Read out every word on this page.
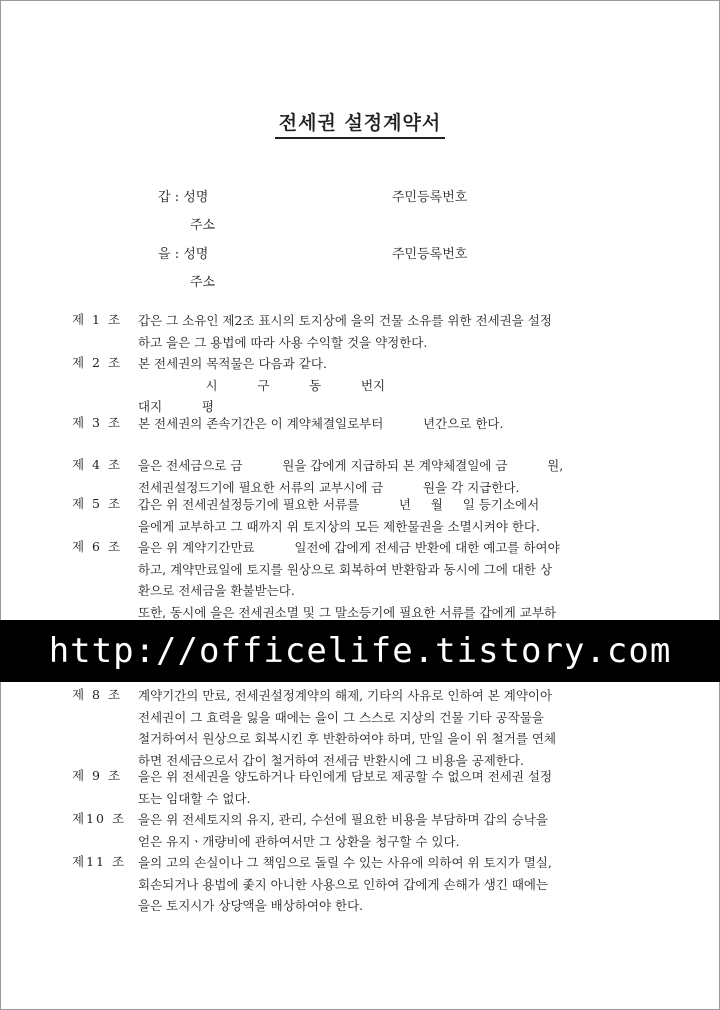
전세권 설정계약서
갑 : 성명	주민등록번호
주소
을 : 성명	주민등록번호
주소
제 1 조	갑은 그 소유인 제2조 표시의 토지상에 을의 건물 소유를 위한 전세권을 설정
하고 을은 그 용법에 따라 사용 수익할 것을 약정한다.
제 2 조	본 전세권의 목적물은 다음과 같다.
시          구          동          번지
대지          평
제 3 조	본 전세권의 존속기간은 이 계약체결일로부터          년간으로 한다.
제 4 조	을은 전세금으로 금          원을 갑에게 지급하되 본 계약체결일에 금          원,
전세권설정드기에 필요한 서류의 교부시에 금          원을 각 지급한다.
제 5 조	갑은 위 전세권설정등기에 필요한 서류를          년     월     일 등기소에서
을에게 교부하고 그 때까지 위 토지상의 모든 제한물권을 소멸시켜야 한다.
제 6 조	을은 위 계약기간만료          일전에 갑에게 전세금 반환에 대한 예고를 하여야
하고, 계약만료일에 토지를 원상으로 회복하여 반환함과 동시에 그에 대한 상
환으로 전세금을 환불받는다.
또한, 동시에 을은 전세권소멸 및 그 말소등기에 필요한 서류를 갑에게 교부하
http://officelife.tistory.com
제 8 조	계약기간의 만료, 전세권설정계약의 해제, 기타의 사유로 인하여 본 계약이아
전세권이 그 효력을 잃을 때에는 을이 그 스스로 지상의 건물 기타 공작물을
철거하여서 원상으로 회복시킨 후 반환하여야 하며, 만일 을이 위 철거를 연체
하면 전세금으로서 갑이 철거하여 전세금 반환시에 그 비용을 공제한다.
제 9 조	을은 위 전세권을 양도하거나 타인에게 담보로 제공할 수 없으며 전세권 설정
또는 임대할 수 없다.
제10 조 을은 위 전세토지의 유지, 관리, 수선에 필요한 비용을 부담하며 갑의 승낙을
얻은 유지ㆍ개량비에 관하여서만 그 상환을 청구할 수 있다.
제11 조 을의 고의 손실이나 그 책임으로 돌릴 수 있는 사유에 의하여 위 토지가 멸실,
회손되거나 용법에 좇지 아니한 사용으로 인하여 갑에게 손해가 생긴 때에는
을은 토지시가 상당액을 배상하여야 한다.
